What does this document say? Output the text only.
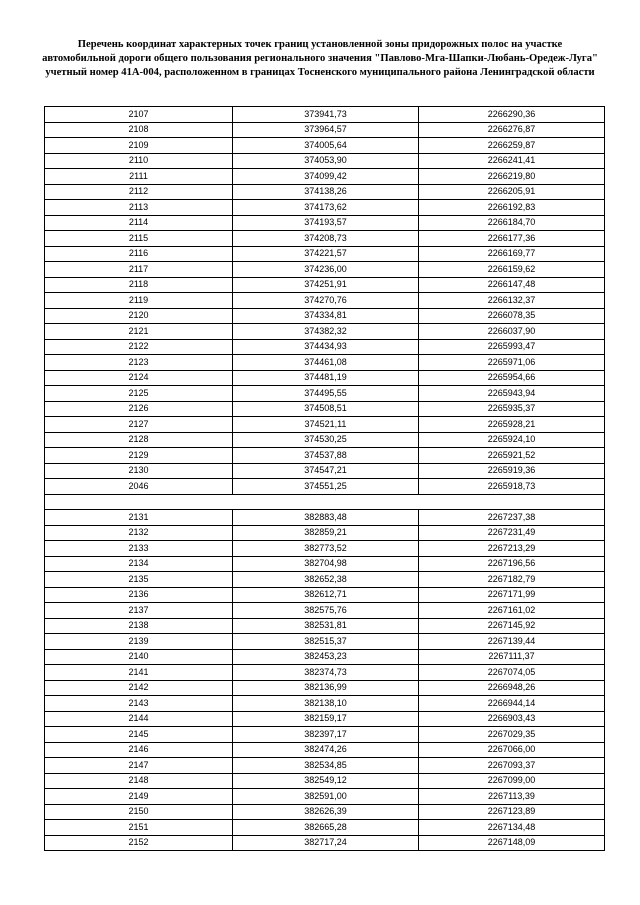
Перечень координат характерных точек границ установленной зоны придорожных полос на участке автомобильной дороги общего пользования регионального значения "Павлово-Мга-Шапки-Любань-Оредеж-Луга" учетный номер 41А-004, расположенном в границах Тосненского муниципального района Ленинградской области
2107	373941,73	2266290,36
2108	373964,57	2266276,87
2109	374005,64	2266259,87
2110	374053,90	2266241,41
2111	374099,42	2266219,80
2112	374138,26	2266205,91
2113	374173,62	2266192,83
2114	374193,57	2266184,70
2115	374208,73	2266177,36
2116	374221,57	2266169,77
2117	374236,00	2266159,62
2118	374251,91	2266147,48
2119	374270,76	2266132,37
2120	374334,81	2266078,35
2121	374382,32	2266037,90
2122	374434,93	2265993,47
2123	374461,08	2265971,06
2124	374481,19	2265954,66
2125	374495,55	2265943,94
2126	374508,51	2265935,37
2127	374521,11	2265928,21
2128	374530,25	2265924,10
2129	374537,88	2265921,52
2130	374547,21	2265919,36
2046	374551,25	2265918,73

2131	382883,48	2267237,38
2132	382859,21	2267231,49
2133	382773,52	2267213,29
2134	382704,98	2267196,56
2135	382652,38	2267182,79
2136	382612,71	2267171,99
2137	382575,76	2267161,02
2138	382531,81	2267145,92
2139	382515,37	2267139,44
2140	382453,23	2267111,37
2141	382374,73	2267074,05
2142	382136,99	2266948,26
2143	382138,10	2266944,14
2144	382159,17	2266903,43
2145	382397,17	2267029,35
2146	382474,26	2267066,00
2147	382534,85	2267093,37
2148	382549,12	2267099,00
2149	382591,00	2267113,39
2150	382626,39	2267123,89
2151	382665,28	2267134,48
2152	382717,24	2267148,09
